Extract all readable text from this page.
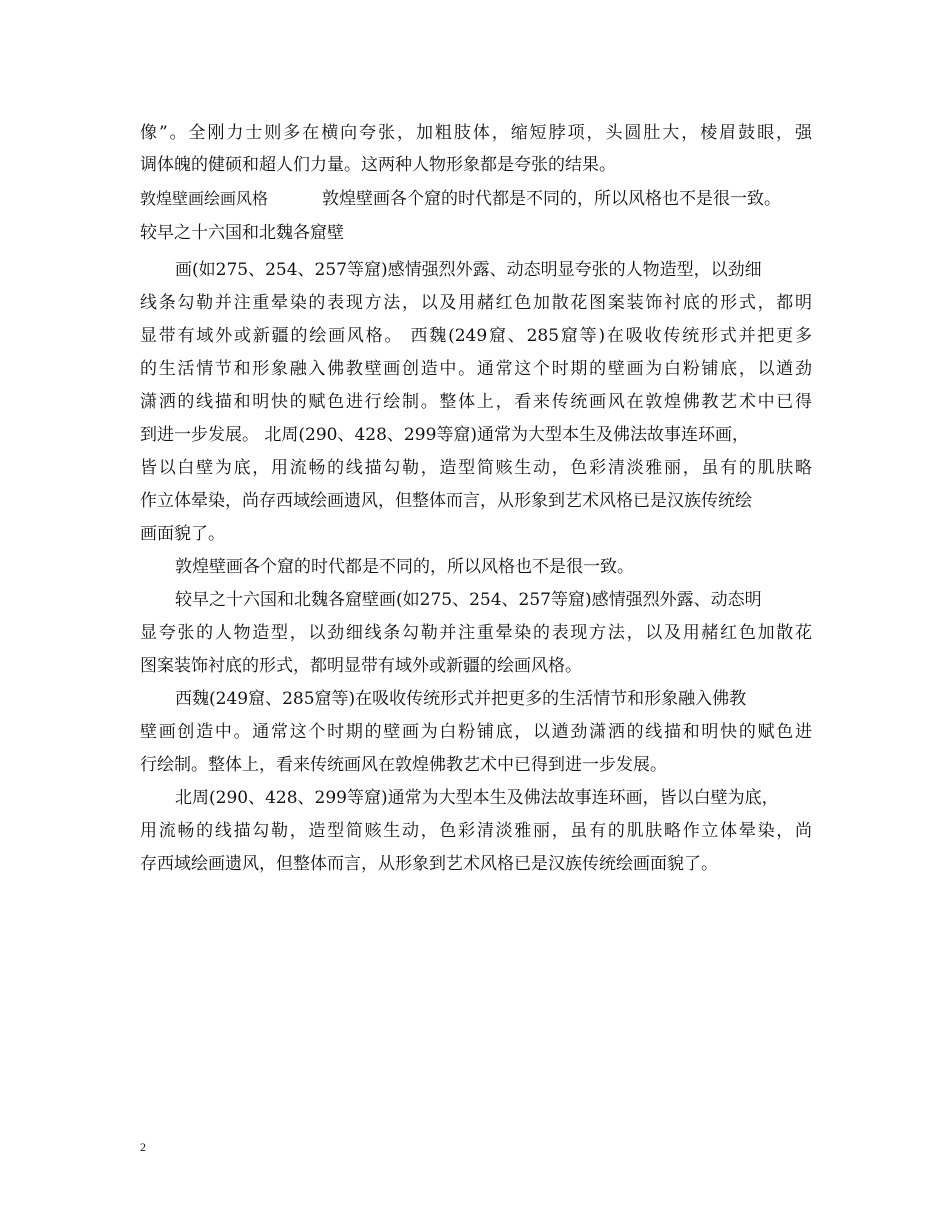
像”。全刚力士则多在横向夸张，加粗肢体，缩短脖项，头圆肚大，棱眉鼓眼，强
调体魄的健硕和超人们力量。这两种人物形象都是夸张的结果。
敦煌壁画绘画风格	敦煌壁画各个窟的时代都是不同的，所以风格也不是很一致。
较早之十六国和北魏各窟壁
画(如275、254、257等窟)感情强烈外露、动态明显夸张的人物造型，以劲细
线条勾勒并注重晕染的表现方法，以及用赭红色加散花图案装饰衬底的形式，都明
显带有域外或新疆的绘画风格。 西魏(249窟、285窟等)在吸收传统形式并把更多
的生活情节和形象融入佛教壁画创造中。通常这个时期的壁画为白粉铺底，以遒劲
潇洒的线描和明快的赋色进行绘制。整体上，看来传统画风在敦煌佛教艺术中已得
到进一步发展。 北周(290、428、299等窟)通常为大型本生及佛法故事连环画，
皆以白壁为底，用流畅的线描勾勒，造型简赅生动，色彩清淡雅丽，虽有的肌肤略
作立体晕染，尚存西域绘画遗风，但整体而言，从形象到艺术风格已是汉族传统绘
画面貌了。
敦煌壁画各个窟的时代都是不同的，所以风格也不是很一致。
较早之十六国和北魏各窟壁画(如275、254、257等窟)感情强烈外露、动态明
显夸张的人物造型，以劲细线条勾勒并注重晕染的表现方法，以及用赭红色加散花
图案装饰衬底的形式，都明显带有域外或新疆的绘画风格。
西魏(249窟、285窟等)在吸收传统形式并把更多的生活情节和形象融入佛教
壁画创造中。通常这个时期的壁画为白粉铺底，以遒劲潇洒的线描和明快的赋色进
行绘制。整体上，看来传统画风在敦煌佛教艺术中已得到进一步发展。
北周(290、428、299等窟)通常为大型本生及佛法故事连环画，皆以白壁为底，
用流畅的线描勾勒，造型简赅生动，色彩清淡雅丽，虽有的肌肤略作立体晕染，尚
存西域绘画遗风，但整体而言，从形象到艺术风格已是汉族传统绘画面貌了。
2
